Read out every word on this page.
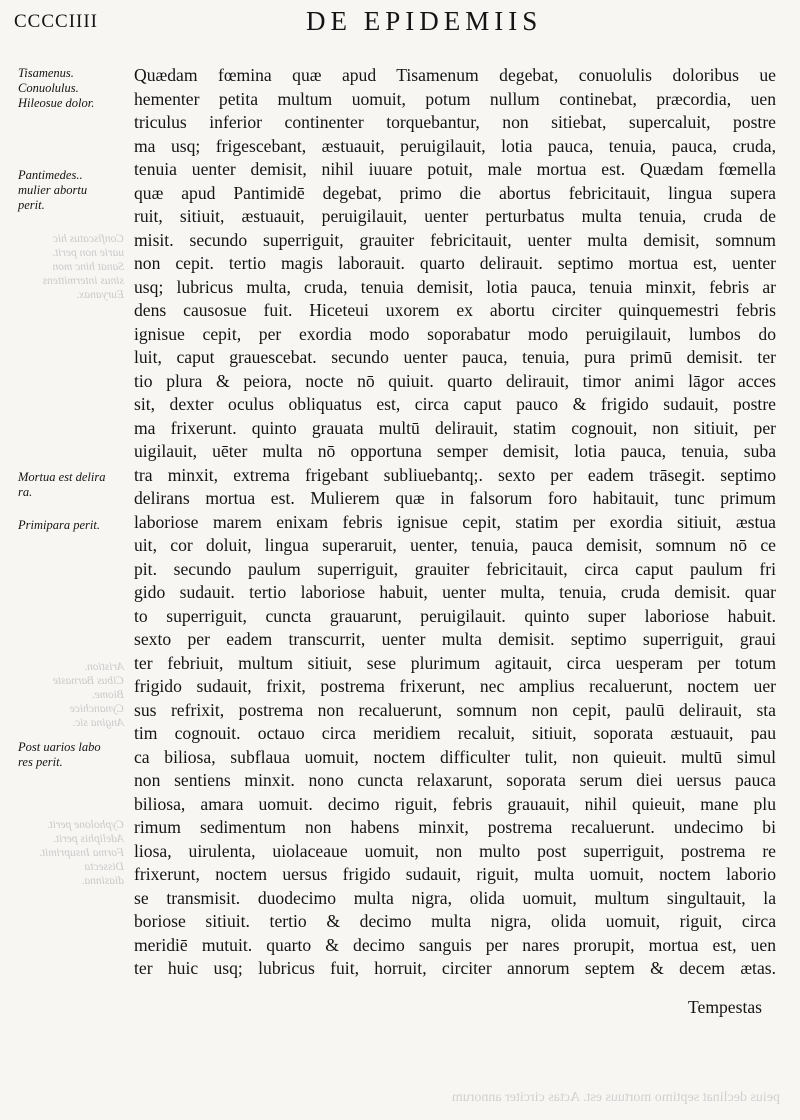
CCCCIIII	DE EPIDEMIIS
Tisamenus.
Conuolulus.
Hileosue dolor.
Pantimedes..
mulier abortu
perit.
Mortua est delira
ra.
Primipara perit.
Post uarios labo
res perit.
Confiscatus hic
uarie non perit.
Sanat hinc mon
sinus intermittens
Euryanax.
Aristion.
Cibus Barnaste
Biome.
Cynanchice
Angina sic.
Cypholone perit.
Adeliphis perit.
Forma Insuprimit.
Dissecta
diasinna.
Quædam fœmina quæ apud Tisamenum degebat, conuolulis doloribus ue
hementer petita multum uomuit, potum nullum continebat, præcordia, uen
triculus inferior continenter torquebantur, non sitiebat, supercaluit, postre
ma usq; frigescebant, æstuauit, peruigilauit, lotia pauca, tenuia, pauca, cruda,
tenuia uenter demisit, nihil iuuare potuit, male mortua est. Quædam fœmella
quæ apud Pantimidē degebat, primo die abortus febricitauit, lingua supera
ruit, sitiuit, æstuauit, peruigilauit, uenter perturbatus multa tenuia, cruda de
misit. secundo superriguit, grauiter febricitauit, uenter multa demisit, somnum
non cepit. tertio magis laborauit. quarto delirauit. septimo mortua est, uenter
usq; lubricus multa, cruda, tenuia demisit, lotia pauca, tenuia minxit, febris ar
dens causosue fuit. Hiceteui uxorem ex abortu circiter quinquemestri febris
ignisue cepit, per exordia modo soporabatur modo peruigilauit, lumbos do
luit, caput grauescebat. secundo uenter pauca, tenuia, pura primū demisit. ter
tio plura & peiora, nocte nō quiuit. quarto delirauit, timor animi lāgor acces
sit, dexter oculus obliquatus est, circa caput pauco & frigido sudauit, postre
ma frixerunt. quinto grauata multū delirauit, statim cognouit, non sitiuit, per
uigilauit, uēter multa nō opportuna semper demisit, lotia pauca, tenuia, suba
tra minxit, extrema frigebant subliuebantq;. sexto per eadem trāsegit. septimo
delirans mortua est. Mulierem quæ in falsorum foro habitauit, tunc primum
laboriose marem enixam febris ignisue cepit, statim per exordia sitiuit, æstua
uit, cor doluit, lingua superaruit, uenter, tenuia, pauca demisit, somnum nō ce
pit. secundo paulum superriguit, grauiter febricitauit, circa caput paulum fri
gido sudauit. tertio laboriose habuit, uenter multa, tenuia, cruda demisit. quar
to superriguit, cuncta grauarunt, peruigilauit. quinto super laboriose habuit.
sexto per eadem transcurrit, uenter multa demisit. septimo superriguit, graui
ter febriuit, multum sitiuit, sese plurimum agitauit, circa uesperam per totum
frigido sudauit, frixit, postrema frixerunt, nec amplius recaluerunt, noctem uer
sus refrixit, postrema non recaluerunt, somnum non cepit, paulū delirauit, sta
tim cognouit. octauo circa meridiem recaluit, sitiuit, soporata æstuauit, pau
ca biliosa, subflaua uomuit, noctem difficulter tulit, non quieuit. multū simul
non sentiens minxit. nono cuncta relaxarunt, soporata serum diei uersus pauca
biliosa, amara uomuit. decimo riguit, febris grauauit, nihil quieuit, mane plu
rimum sedimentum non habens minxit, postrema recaluerunt. undecimo bi
liosa, uirulenta, uiolaceaue uomuit, non multo post superriguit, postrema re
frixerunt, noctem uersus frigido sudauit, riguit, multa uomuit, noctem laborio
se transmisit. duodecimo multa nigra, olida uomuit, multum singultauit, la
boriose sitiuit. tertio & decimo multa nigra, olida uomuit, riguit, circa
meridiē mutuit. quarto & decimo sanguis per nares prorupit, mortua est, uen
ter huic usq; lubricus fuit, horruit, circiter annorum septem & decem ætas.
Tempestas
peius declinat septimo mortuus est. Actas circiter annorum
